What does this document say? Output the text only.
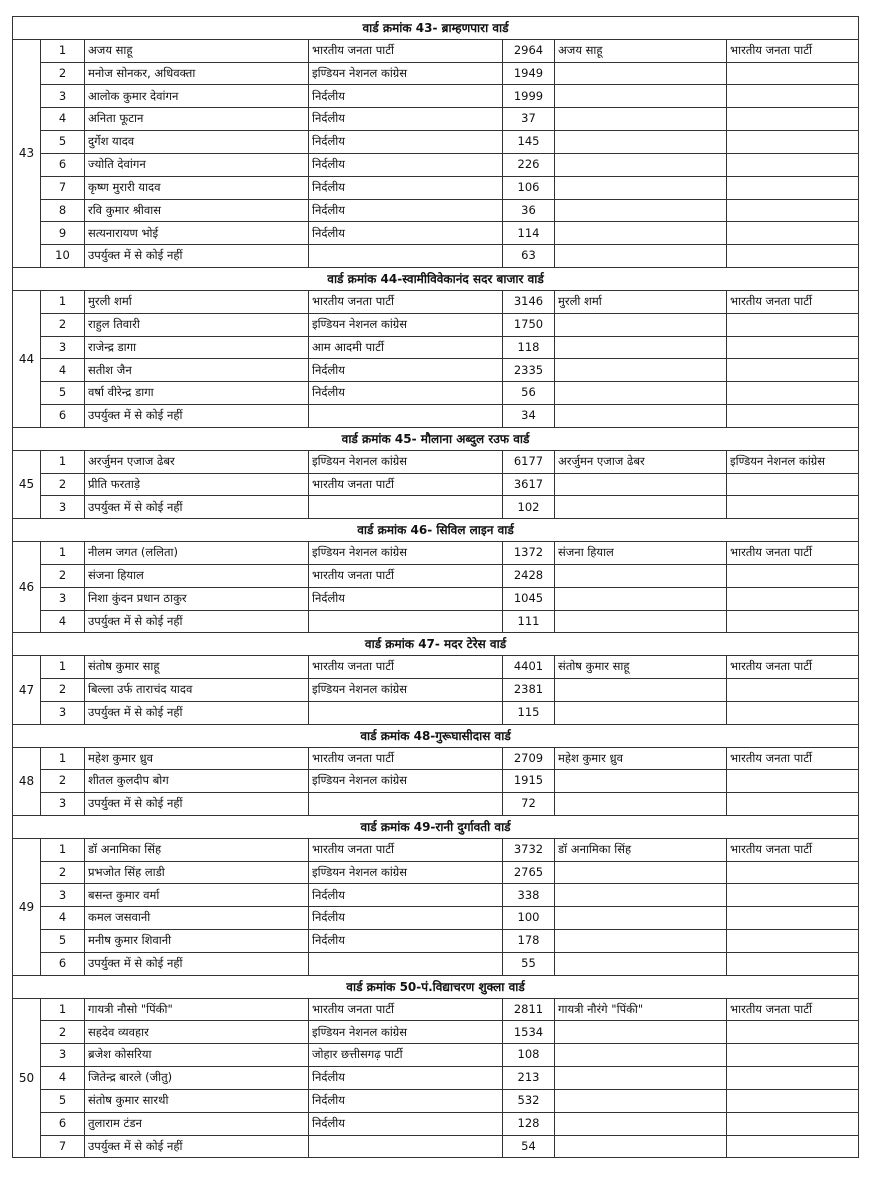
वार्ड क्रमांक 43- ब्राम्हणपारा वार्ड						
43	1	अजय साहू	भारतीय जनता पार्टी	2964	अजय साहू	भारतीय जनता पार्टी
	2	मनोज सोनकर, अधिवक्ता	इण्डियन नेशनल कांग्रेस	1949		
	3	आलोक कुमार देवांगन	निर्दलीय	1999		
	4	अनिता फूटान	निर्दलीय	37		
	5	दुर्गेश यादव	निर्दलीय	145		
	6	ज्योति देवांगन	निर्दलीय	226		
	7	कृष्ण मुरारी यादव	निर्दलीय	106		
	8	रवि कुमार श्रीवास	निर्दलीय	36		
	9	सत्यनारायण भोई	निर्दलीय	114		
	10	उपर्युक्त में से कोई नहीं		63		
वार्ड क्रमांक 44-स्वामीविवेकानंद सदर बाजार वार्ड						
44	1	मुरली शर्मा	भारतीय जनता पार्टी	3146	मुरली शर्मा	भारतीय जनता पार्टी
	2	राहुल तिवारी	इण्डियन नेशनल कांग्रेस	1750		
	3	राजेन्द्र डागा	आम आदमी पार्टी	118		
	4	सतीश जैन	निर्दलीय	2335		
	5	वर्षा वीरेन्द्र डागा	निर्दलीय	56		
	6	उपर्युक्त में से कोई नहीं		34		
वार्ड क्रमांक 45- मौलाना अब्दुल रउफ वार्ड						
45	1	अरर्जुमन एजाज ढेबर	इण्डियन नेशनल कांग्रेस	6177	अरर्जुमन एजाज ढेबर	इण्डियन नेशनल कांग्रेस
	2	प्रीति फरताड़े	भारतीय जनता पार्टी	3617		
	3	उपर्युक्त में से कोई नहीं		102		
वार्ड क्रमांक 46- सिविल लाइन वार्ड						
46	1	नीलम जगत (ललिता)	इण्डियन नेशनल कांग्रेस	1372	संजना हियाल	भारतीय जनता पार्टी
	2	संजना हियाल	भारतीय जनता पार्टी	2428		
	3	निशा कुंदन प्रधान ठाकुर	निर्दलीय	1045		
	4	उपर्युक्त में से कोई नहीं		111		
वार्ड क्रमांक 47- मदर टेरेस वार्ड						
47	1	संतोष कुमार साहू	भारतीय जनता पार्टी	4401	संतोष कुमार साहू	भारतीय जनता पार्टी
	2	बिल्ला उर्फ ताराचंद यादव	इण्डियन नेशनल कांग्रेस	2381		
	3	उपर्युक्त में से कोई नहीं		115		
वार्ड क्रमांक 48-गुरूघासीदास वार्ड						
48	1	महेश कुमार ध्रुव	भारतीय जनता पार्टी	2709	महेश कुमार ध्रुव	भारतीय जनता पार्टी
	2	शीतल कुलदीप बोग	इण्डियन नेशनल कांग्रेस	1915		
	3	उपर्युक्त में से कोई नहीं		72		
वार्ड क्रमांक 49-रानी दुर्गावती वार्ड						
49	1	डॉ अनामिका सिंह	भारतीय जनता पार्टी	3732	डॉ अनामिका सिंह	भारतीय जनता पार्टी
	2	प्रभजोत सिंह लाडी	इण्डियन नेशनल कांग्रेस	2765		
	3	बसन्त कुमार वर्मा	निर्दलीय	338		
	4	कमल जसवानी	निर्दलीय	100		
	5	मनीष कुमार शिवानी	निर्दलीय	178		
	6	उपर्युक्त में से कोई नहीं		55		
वार्ड क्रमांक 50-पं.विद्याचरण शुक्ला वार्ड						
50	1	गायत्री नौसो "पिंकी"	भारतीय जनता पार्टी	2811	गायत्री नौरंगे "पिंकी"	भारतीय जनता पार्टी
	2	सहदेव व्यवहार	इण्डियन नेशनल कांग्रेस	1534		
	3	ब्रजेश कोसरिया	जोहार छत्तीसगढ़ पार्टी	108		
	4	जितेन्द्र बारले (जीतु)	निर्दलीय	213		
	5	संतोष कुमार सारथी	निर्दलीय	532		
	6	तुलाराम टंडन	निर्दलीय	128		
	7	उपर्युक्त में से कोई नहीं		54		
